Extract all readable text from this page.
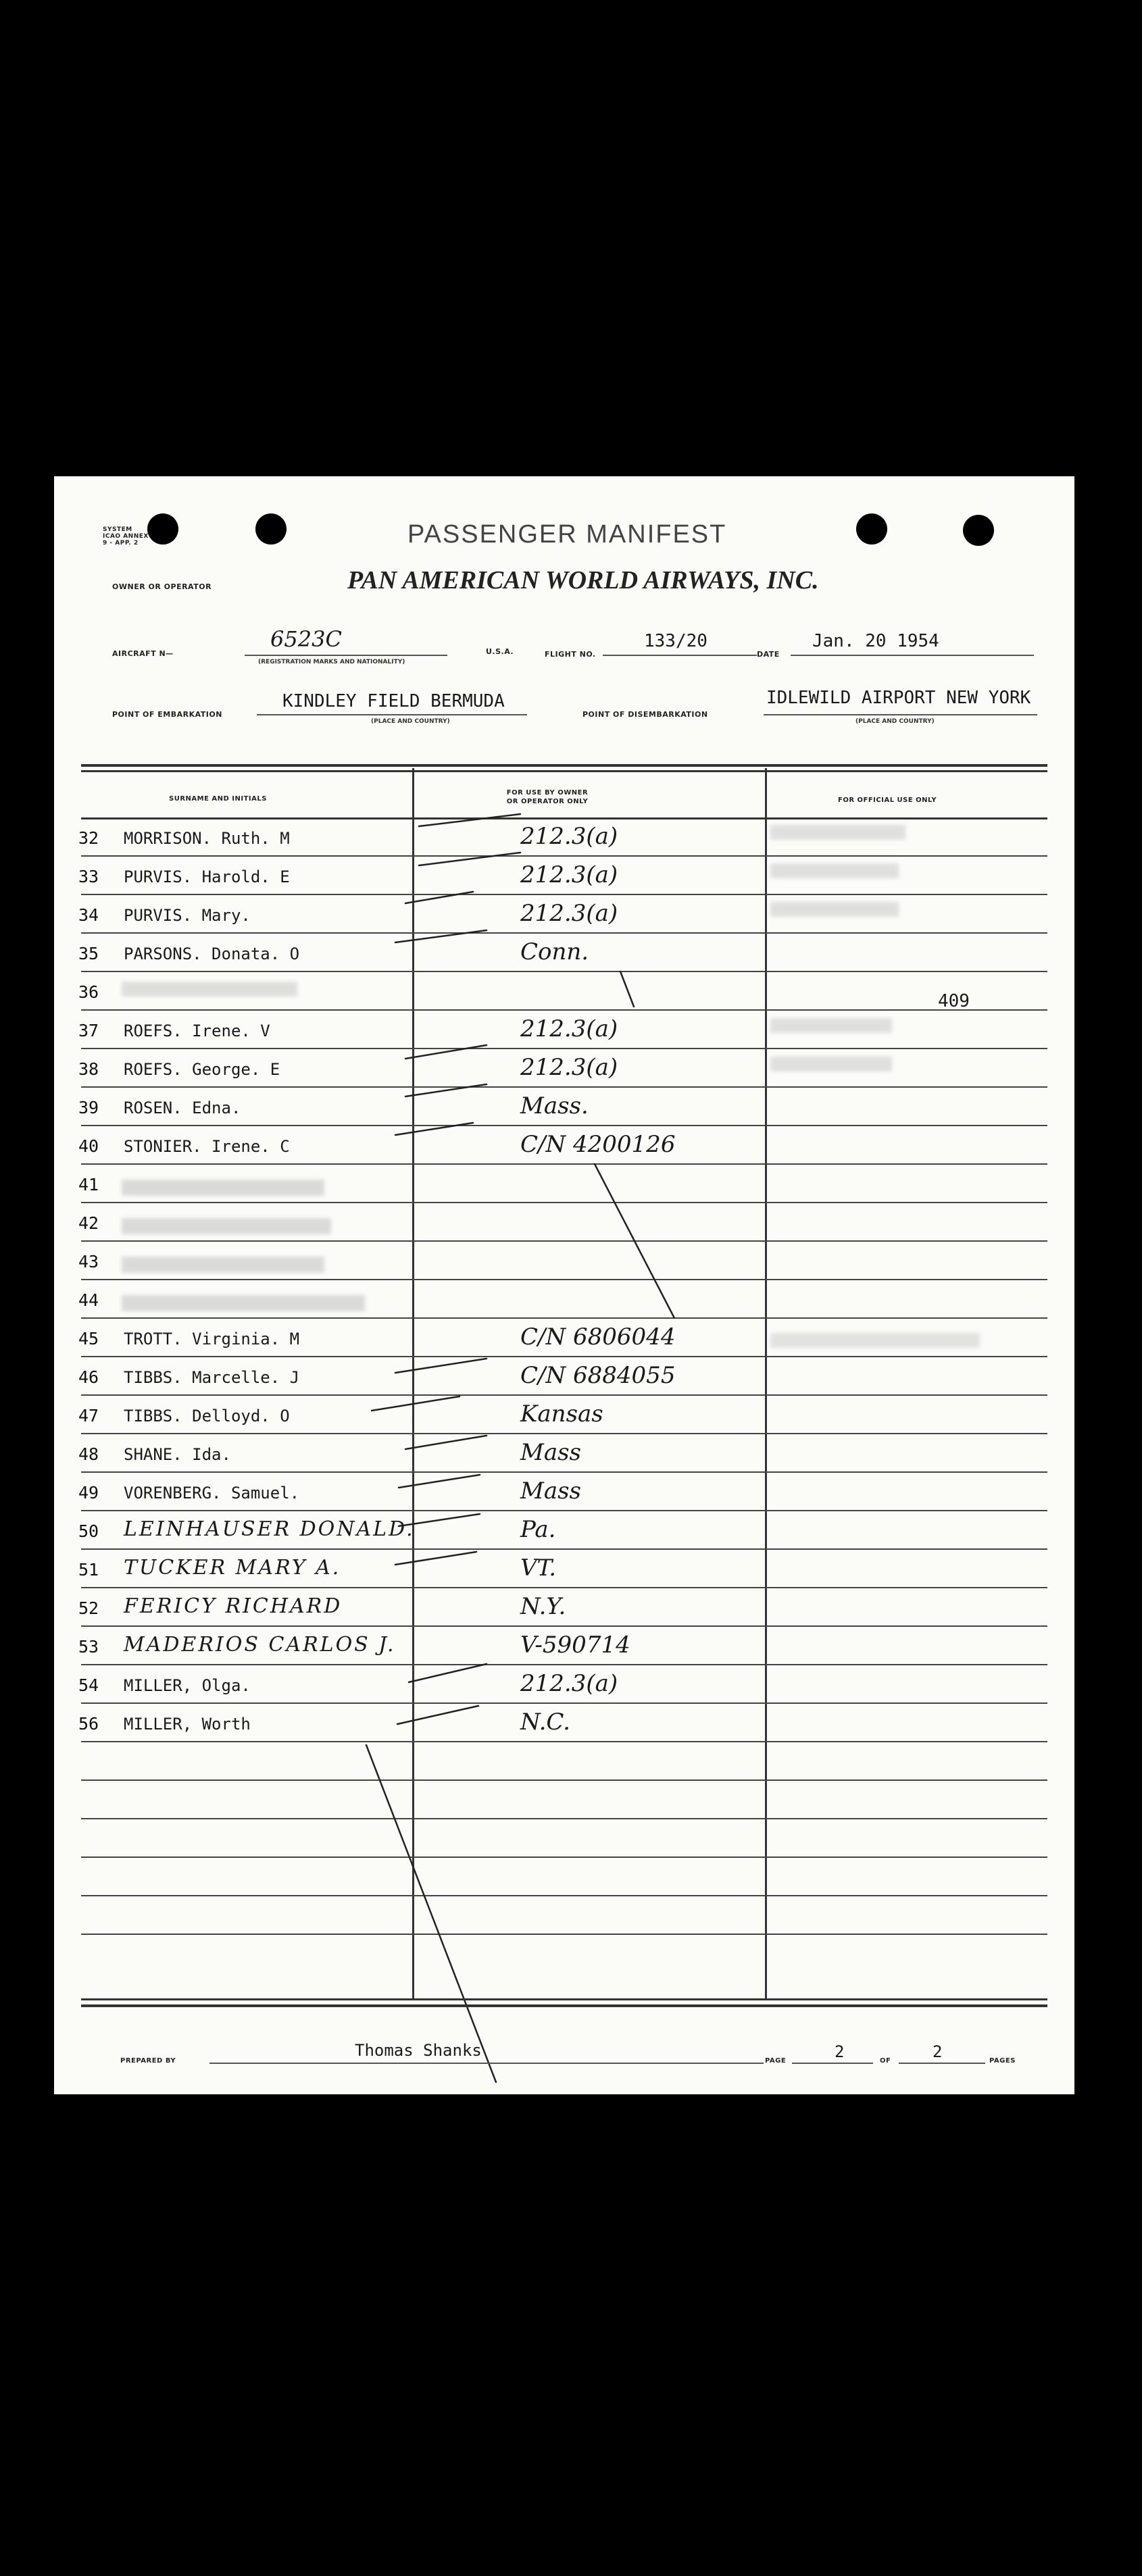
SYSTEM ICAO ANNEX 9 - APP. 2	PASSENGER MANIFEST
OWNER OR OPERATOR	PAN AMERICAN WORLD AIRWAYS, INC.
AIRCRAFT N—
6523C
(REGISTRATION MARKS AND NATIONALITY)
U.S.A.	FLIGHT NO.
133/20
DATE
Jan. 20 1954
POINT OF EMBARKATION
KINDLEY FIELD BERMUDA
(PLACE AND COUNTRY)
POINT OF DISEMBARKATION
IDLEWILD AIRPORT NEW YORK
(PLACE AND COUNTRY)
SURNAME AND INITIALS
FOR USE BY OWNER
OR OPERATOR ONLY	FOR OFFICIAL USE ONLY
32 MORRISON. Ruth. M	212.3(a)
33 PURVIS. Harold. E	212.3(a)
34 PURVIS. Mary.	212.3(a)
35 PARSONS. Donata. O	Conn.
36
37 ROEFS. Irene. V	212.3(a)
38 ROEFS. George. E	212.3(a)
39 ROSEN. Edna.	Mass.
40 STONIER. Irene. C	C/N 4200126
41
42
43
44
45 TROTT. Virginia. M	C/N 6806044
46 TIBBS. Marcelle. J	C/N 6884055
47 TIBBS. Delloyd. O	Kansas
48 SHANE. Ida.	Mass
49 VORENBERG. Samuel.	Mass
50 LEINHAUSER DONALD.	Pa.
51 TUCKER MARY A.	VT.
52 FERICY RICHARD	N.Y.
53 MADERIOS CARLOS J.	V-590714
54 MILLER, Olga.	212.3(a)
56 MILLER, Worth	N.C.
409
PREPARED BY
Thomas Shanks
PAGE	2	OF	2	PAGES
